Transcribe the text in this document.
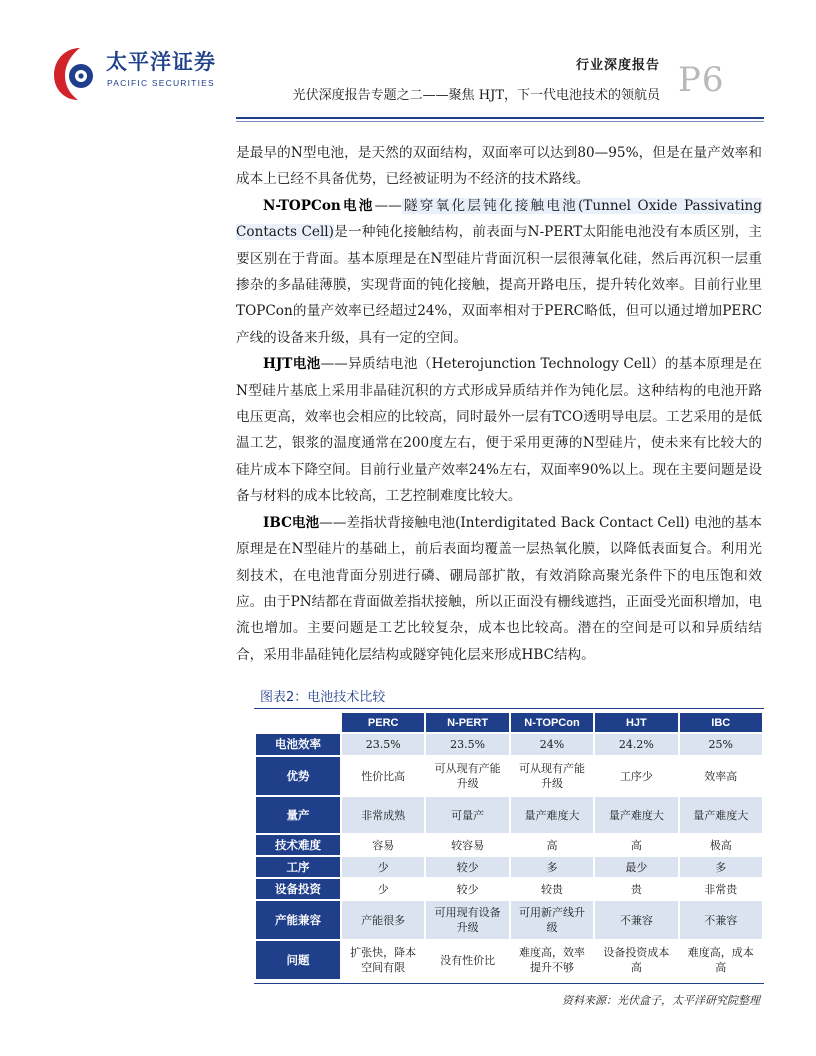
太平洋证券
PACIFIC SECURITIES
行业深度报告
光伏深度报告专题之二——聚焦 HJT，下一代电池技术的领航员 P6

是最早的N型电池，是天然的双面结构，双面率可以达到80—95%，但是在量产效率和成本上已经不具备优势，已经被证明为不经济的技术路线。

N-TOPCon电池——隧穿氧化层钝化接触电池(Tunnel Oxide Passivating Contacts Cell)是一种钝化接触结构，前表面与N-PERT太阳能电池没有本质区别，主要区别在于背面。基本原理是在N型硅片背面沉积一层很薄氧化硅，然后再沉积一层重掺杂的多晶硅薄膜，实现背面的钝化接触，提高开路电压，提升转化效率。目前行业里TOPCon的量产效率已经超过24%，双面率相对于PERC略低，但可以通过增加PERC产线的设备来升级，具有一定的空间。

HJT电池——异质结电池（Heterojunction Technology Cell）的基本原理是在N型硅片基底上采用非晶硅沉积的方式形成异质结并作为钝化层。这种结构的电池开路电压更高，效率也会相应的比较高，同时最外一层有TCO透明导电层。工艺采用的是低温工艺，银浆的温度通常在200度左右，便于采用更薄的N型硅片，使未来有比较大的硅片成本下降空间。目前行业量产效率24%左右，双面率90%以上。现在主要问题是设备与材料的成本比较高，工艺控制难度比较大。

IBC电池——差指状背接触电池(Interdigitated Back Contact Cell) 电池的基本原理是在N型硅片的基础上，前后表面均覆盖一层热氧化膜，以降低表面复合。利用光刻技术，在电池背面分别进行磷、硼局部扩散，有效消除高聚光条件下的电压饱和效应。由于PN结都在背面做差指状接触，所以正面没有栅线遮挡，正面受光面积增加，电流也增加。主要问题是工艺比较复杂，成本也比较高。潜在的空间是可以和异质结结合，采用非晶硅钝化层结构或隧穿钝化层来形成HBC结构。

图表2：电池技术比较
	PERC	N-PERT	N-TOPCon	HJT	IBC
电池效率	23.5%	23.5%	24%	24.2%	25%
优势	性价比高	可从现有产能升级	可从现有产能升级	工序少	效率高
量产	非常成熟	可量产	量产难度大	量产难度大	量产难度大
技术难度	容易	较容易	高	高	极高
工序	少	较少	多	最少	多
设备投资	少	较少	较贵	贵	非常贵
产能兼容	产能很多	可用现有设备升级	可用新产线升级	不兼容	不兼容
问题	扩张快，降本空间有限	没有性价比	难度高，效率提升不够	设备投资成本高	难度高，成本高
资料来源：光伏盒子，太平洋研究院整理
